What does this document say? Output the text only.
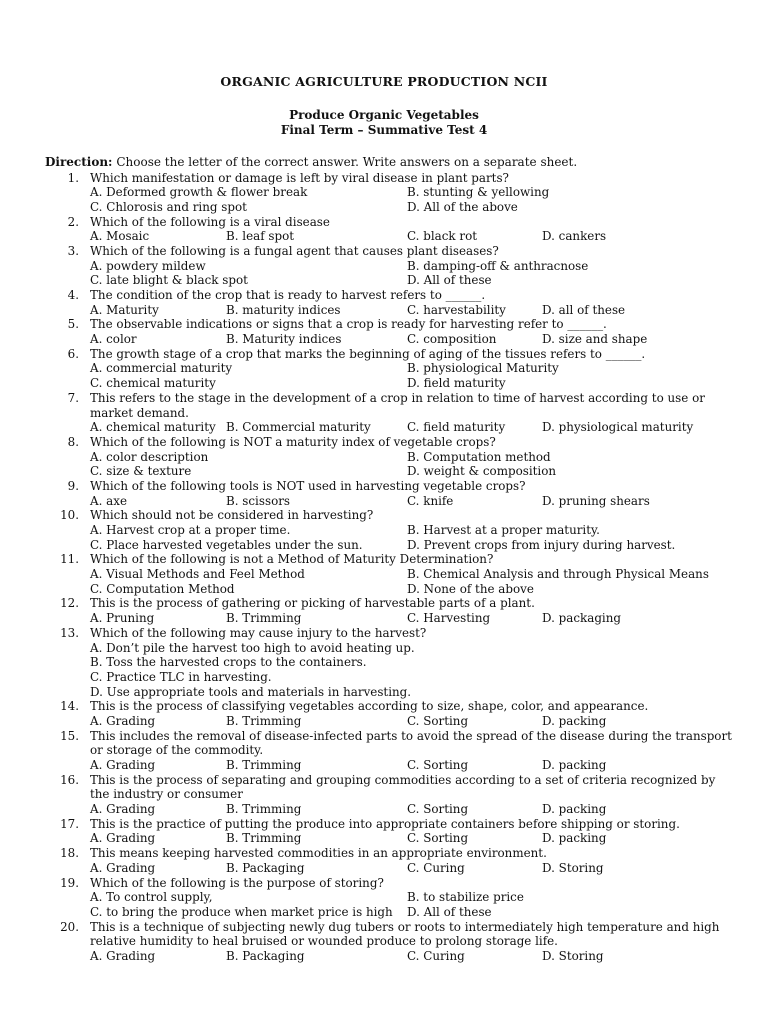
ORGANIC AGRICULTURE PRODUCTION NCII
Produce Organic Vegetables
Final Term – Summative Test 4
Direction: Choose the letter of the correct answer. Write answers on a separate sheet.
1. Which manifestation or damage is left by viral disease in plant parts?
A. Deformed growth & flower break	B. stunting & yellowing
C. Chlorosis and ring spot	D. All of the above
2. Which of the following is a viral disease
A. Mosaic	B. leaf spot	C. black rot	D. cankers
3. Which of the following is a fungal agent that causes plant diseases?
A. powdery mildew	B. damping-off & anthracnose
C. late blight & black spot	D. All of these
4. The condition of the crop that is ready to harvest refers to ______.
A. Maturity	B. maturity indices	C. harvestability	D. all of these
5. The observable indications or signs that a crop is ready for harvesting refer to ______.
A. color	B. Maturity indices	C. composition	D. size and shape
6. The growth stage of a crop that marks the beginning of aging of the tissues refers to ______.
A. commercial maturity	B. physiological Maturity
C. chemical maturity	D. field maturity
7. This refers to the stage in the development of a crop in relation to time of harvest according to use or
market demand.
A. chemical maturity B. Commercial maturity	C. field maturity	D. physiological maturity
8. Which of the following is NOT a maturity index of vegetable crops?
A. color description	B. Computation method
C. size & texture	D. weight & composition
9. Which of the following tools is NOT used in harvesting vegetable crops?
A. axe	B. scissors	C. knife	D. pruning shears
10. Which should not be considered in harvesting?
A. Harvest crop at a proper time.	B. Harvest at a proper maturity.
C. Place harvested vegetables under the sun.	D. Prevent crops from injury during harvest.
11. Which of the following is not a Method of Maturity Determination?
A. Visual Methods and Feel Method	B. Chemical Analysis and through Physical Means
C. Computation Method	D. None of the above
12. This is the process of gathering or picking of harvestable parts of a plant.
A. Pruning	B. Trimming	C. Harvesting	D. packaging
13. Which of the following may cause injury to the harvest?
A. Don’t pile the harvest too high to avoid heating up.
B. Toss the harvested crops to the containers.
C. Practice TLC in harvesting.
D. Use appropriate tools and materials in harvesting.
14. This is the process of classifying vegetables according to size, shape, color, and appearance.
A. Grading	B. Trimming	C. Sorting	D. packing
15. This includes the removal of disease-infected parts to avoid the spread of the disease during the transport
or storage of the commodity.
A. Grading	B. Trimming	C. Sorting	D. packing
16. This is the process of separating and grouping commodities according to a set of criteria recognized by
the industry or consumer
A. Grading	B. Trimming	C. Sorting	D. packing
17. This is the practice of putting the produce into appropriate containers before shipping or storing.
A. Grading	B. Trimming	C. Sorting	D. packing
18. This means keeping harvested commodities in an appropriate environment.
A. Grading	B. Packaging	C. Curing	D. Storing
19. Which of the following is the purpose of storing?
A. To control supply,	B. to stabilize price
C. to bring the produce when market price is high D. All of these
20. This is a technique of subjecting newly dug tubers or roots to intermediately high temperature and high
relative humidity to heal bruised or wounded produce to prolong storage life.
A. Grading	B. Packaging	C. Curing	D. Storing
